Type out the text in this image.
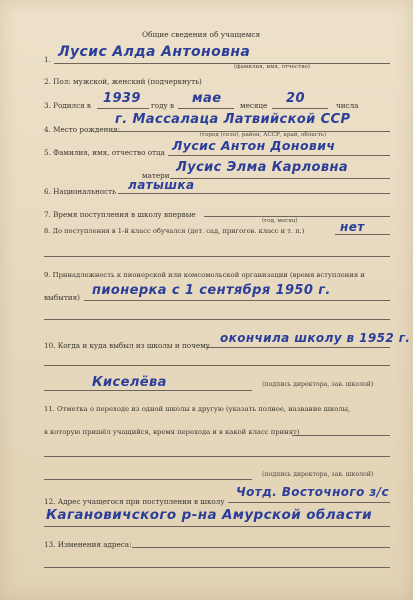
Общие сведения об учащемся
1. Лусис Алда Антоновна
(фамилия, имя, отчество)
2. Пол: мужской, женский (подчеркнуть)
3. Родился в 1939 году в мае	месяце 20	числа
4. Место рождения:
г. Массалаца Латвийской ССР
(город (село), район, АССР, край, область)
5. Фамилия, имя, отчество отца Лусис Антон Донович
матери
Лусис Элма Карловна
6. Национальность латышка
7. Время поступления в школу впервые
(год, месяц)
8. До поступления в 1-й класс обучался (дет. сад, пригогов. класс и т. п.)	нет
9. Принадлежность к пионерской или комсомольской организации (время вступления и
выбытия) пионерка с 1 сентября 1950 г.
10. Когда и куда выбыл из школы и почему
окончила школу в 1952 г.
Киселёва	(подпись директора, зав. школой)
11. Отметка о переходе из одной школы в другую (указать полное, название школы,
в которую пришёл учащийся, время перехода и в какой класс принят)
(подпись директора, зав. школой)
12. Адрес учащегося при поступлении в школу
Чотд. Восточного з/с
Кагановичского р-на Амурской области
13. Изменения адреса:
